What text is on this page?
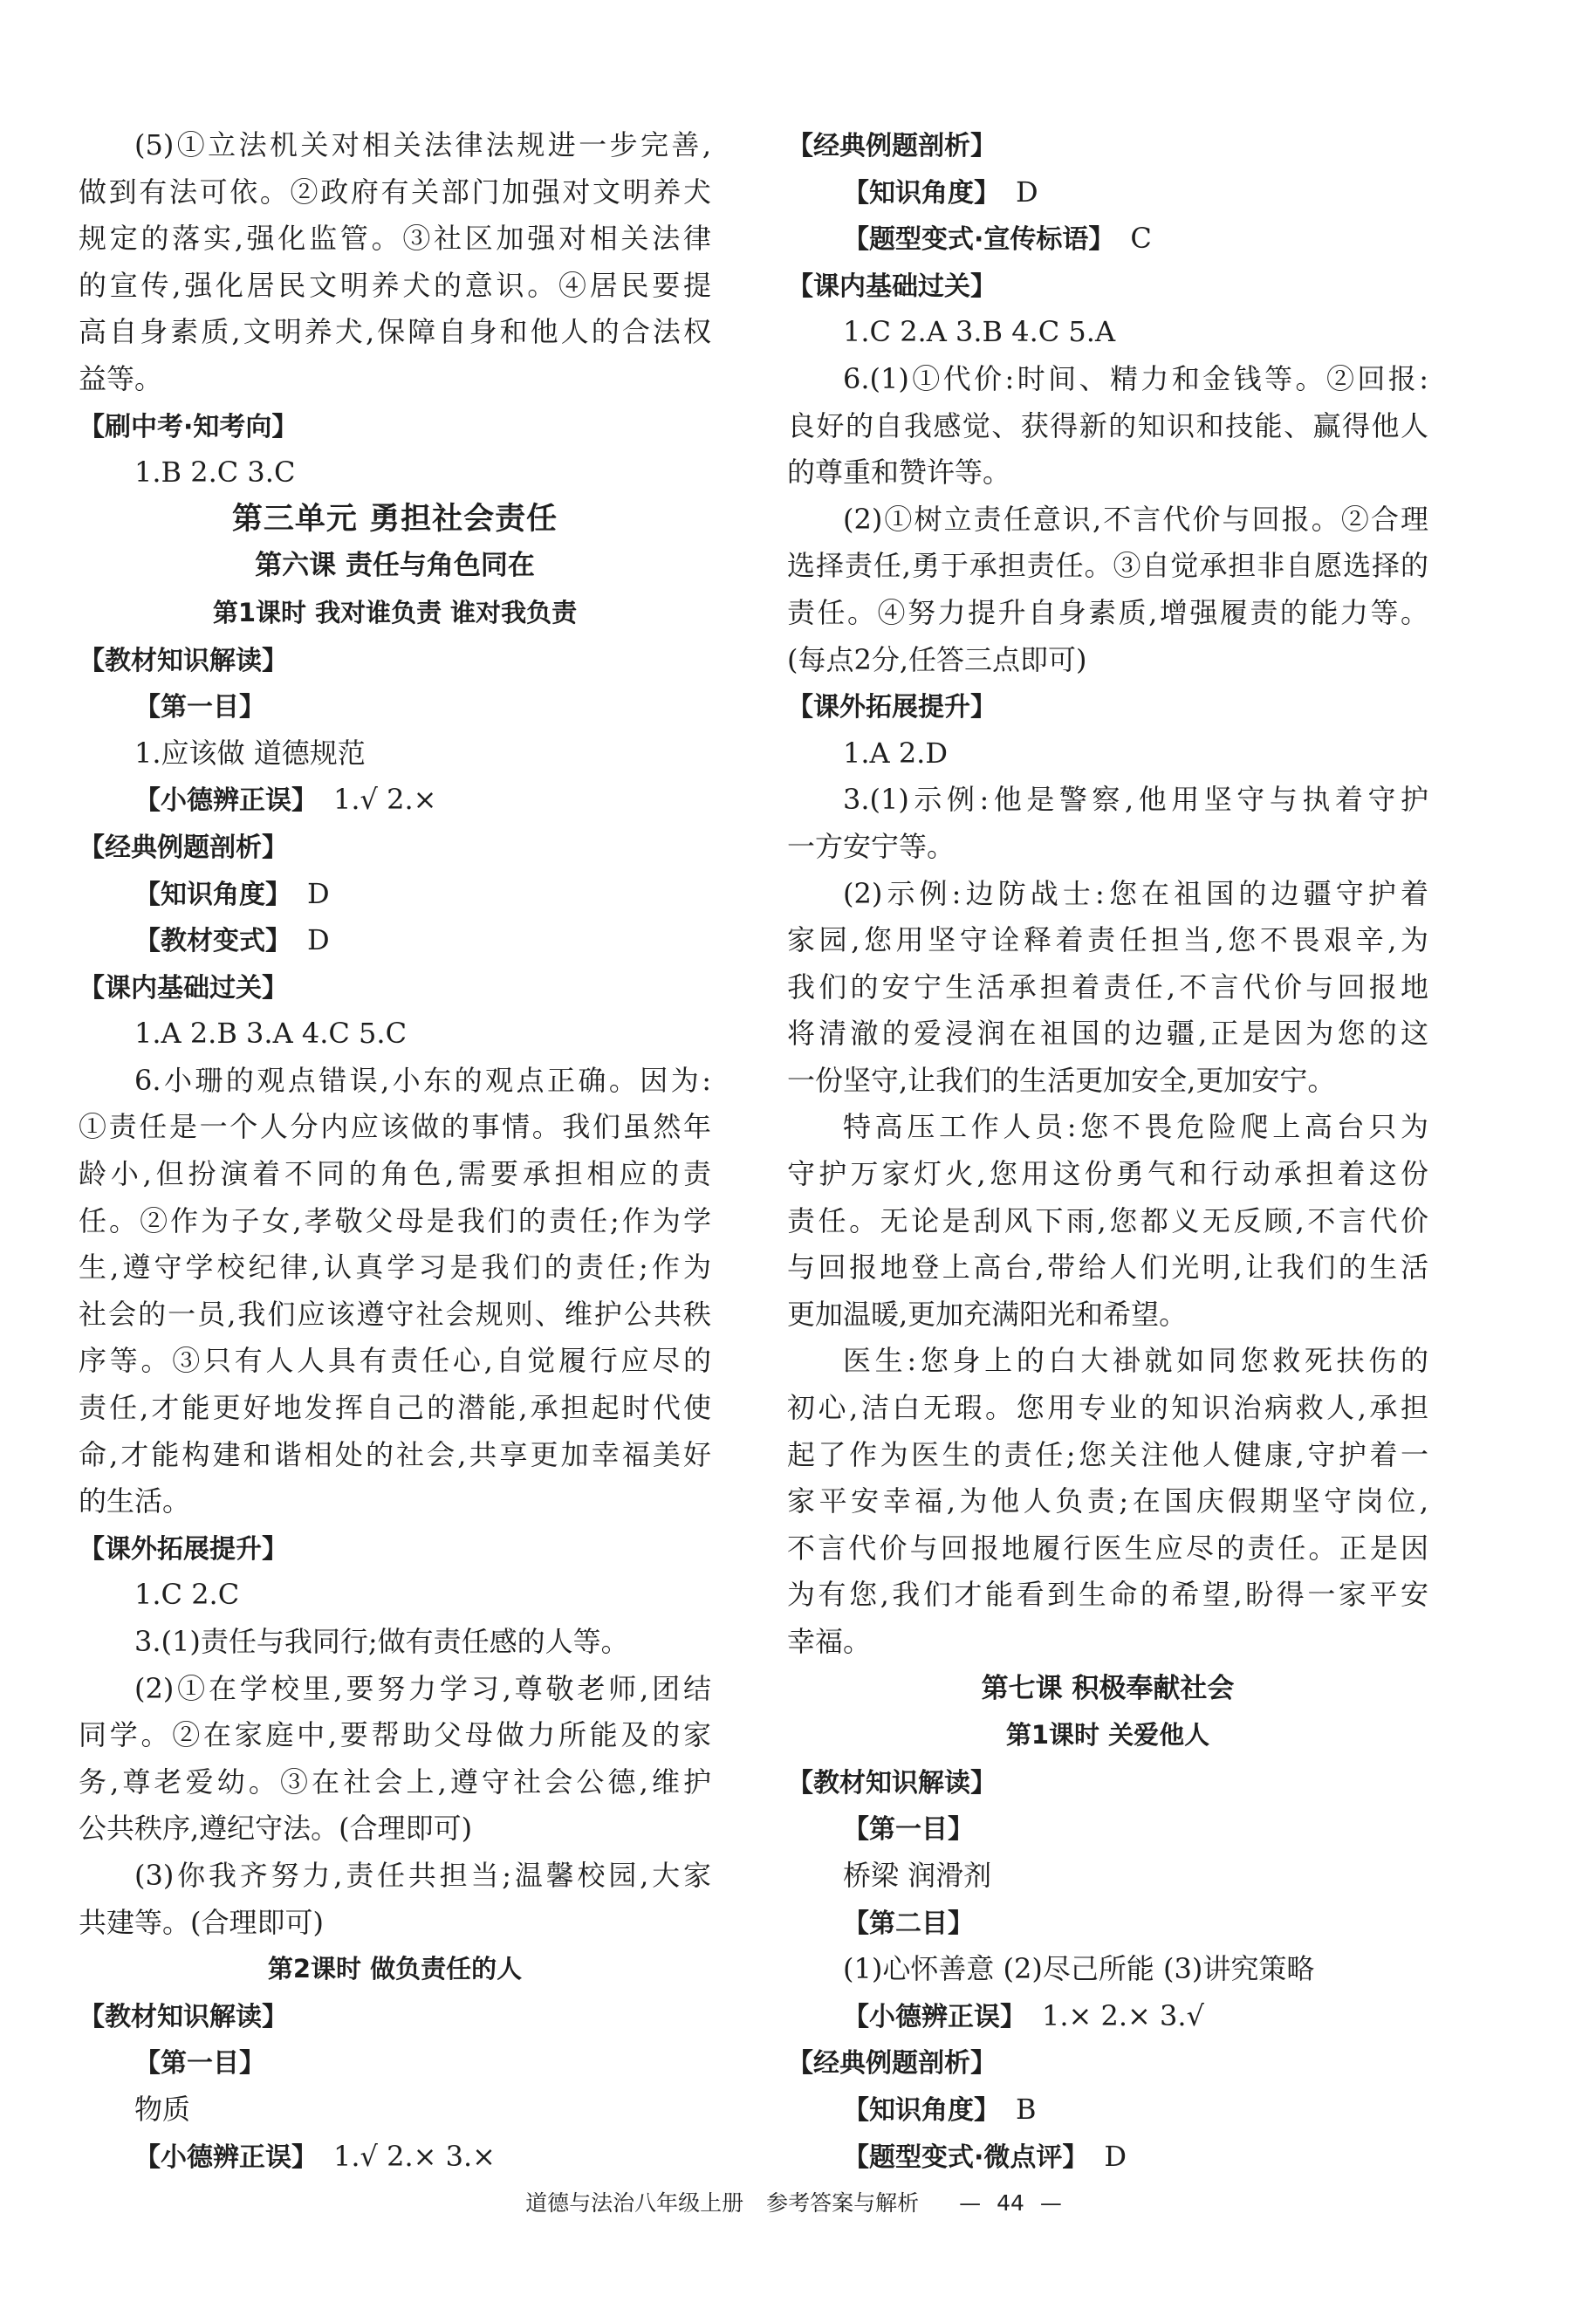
(5)①立法机关对相关法律法规进一步完善,
做到有法可依。②政府有关部门加强对文明养犬
规定的落实,强化监管。③社区加强对相关法律
的宣传,强化居民文明养犬的意识。④居民要提
高自身素质,文明养犬,保障自身和他人的合法权
益等。
【刷中考·知考向】
1.B 2.C 3.C
第三单元 勇担社会责任
第六课 责任与角色同在
第1课时 我对谁负责 谁对我负责
【教材知识解读】
【第一目】
1.应该做 道德规范
【小德辨正误】 1.√ 2.×
【经典例题剖析】
【知识角度】 D
【教材变式】 D
【课内基础过关】
1.A 2.B 3.A 4.C 5.C
6.小珊的观点错误,小东的观点正确。因为:
①责任是一个人分内应该做的事情。我们虽然年
龄小,但扮演着不同的角色,需要承担相应的责
任。②作为子女,孝敬父母是我们的责任;作为学
生,遵守学校纪律,认真学习是我们的责任;作为
社会的一员,我们应该遵守社会规则、维护公共秩
序等。③只有人人具有责任心,自觉履行应尽的
责任,才能更好地发挥自己的潜能,承担起时代使
命,才能构建和谐相处的社会,共享更加幸福美好
的生活。
【课外拓展提升】
1.C 2.C
3.(1)责任与我同行;做有责任感的人等。
(2)①在学校里,要努力学习,尊敬老师,团结
同学。②在家庭中,要帮助父母做力所能及的家
务,尊老爱幼。③在社会上,遵守社会公德,维护
公共秩序,遵纪守法。(合理即可)
(3)你我齐努力,责任共担当;温馨校园,大家
共建等。(合理即可)
第2课时 做负责任的人
【教材知识解读】
【第一目】
物质
【小德辨正误】 1.√ 2.× 3.×
【经典例题剖析】
【知识角度】 D
【题型变式·宣传标语】 C
【课内基础过关】
1.C 2.A 3.B 4.C 5.A
6.(1)①代价:时间、精力和金钱等。②回报:
良好的自我感觉、获得新的知识和技能、赢得他人
的尊重和赞许等。
(2)①树立责任意识,不言代价与回报。②合理
选择责任,勇于承担责任。③自觉承担非自愿选择的
责任。④努力提升自身素质,增强履责的能力等。
(每点2分,任答三点即可)
【课外拓展提升】
1.A 2.D
3.(1)示例:他是警察,他用坚守与执着守护
一方安宁等。
(2)示例:边防战士:您在祖国的边疆守护着
家园,您用坚守诠释着责任担当,您不畏艰辛,为
我们的安宁生活承担着责任,不言代价与回报地
将清澈的爱浸润在祖国的边疆,正是因为您的这
一份坚守,让我们的生活更加安全,更加安宁。
特高压工作人员:您不畏危险爬上高台只为
守护万家灯火,您用这份勇气和行动承担着这份
责任。无论是刮风下雨,您都义无反顾,不言代价
与回报地登上高台,带给人们光明,让我们的生活
更加温暖,更加充满阳光和希望。
医生:您身上的白大褂就如同您救死扶伤的
初心,洁白无瑕。您用专业的知识治病救人,承担
起了作为医生的责任;您关注他人健康,守护着一
家平安幸福,为他人负责;在国庆假期坚守岗位,
不言代价与回报地履行医生应尽的责任。正是因
为有您,我们才能看到生命的希望,盼得一家平安
幸福。
第七课 积极奉献社会
第1课时 关爱他人
【教材知识解读】
【第一目】
桥梁 润滑剂
【第二目】
(1)心怀善意 (2)尽己所能 (3)讲究策略
【小德辨正误】 1.× 2.× 3.√
【经典例题剖析】
【知识角度】 B
【题型变式·微点评】 D
道德与法治八年级上册 参考答案与解析 — 44 —
